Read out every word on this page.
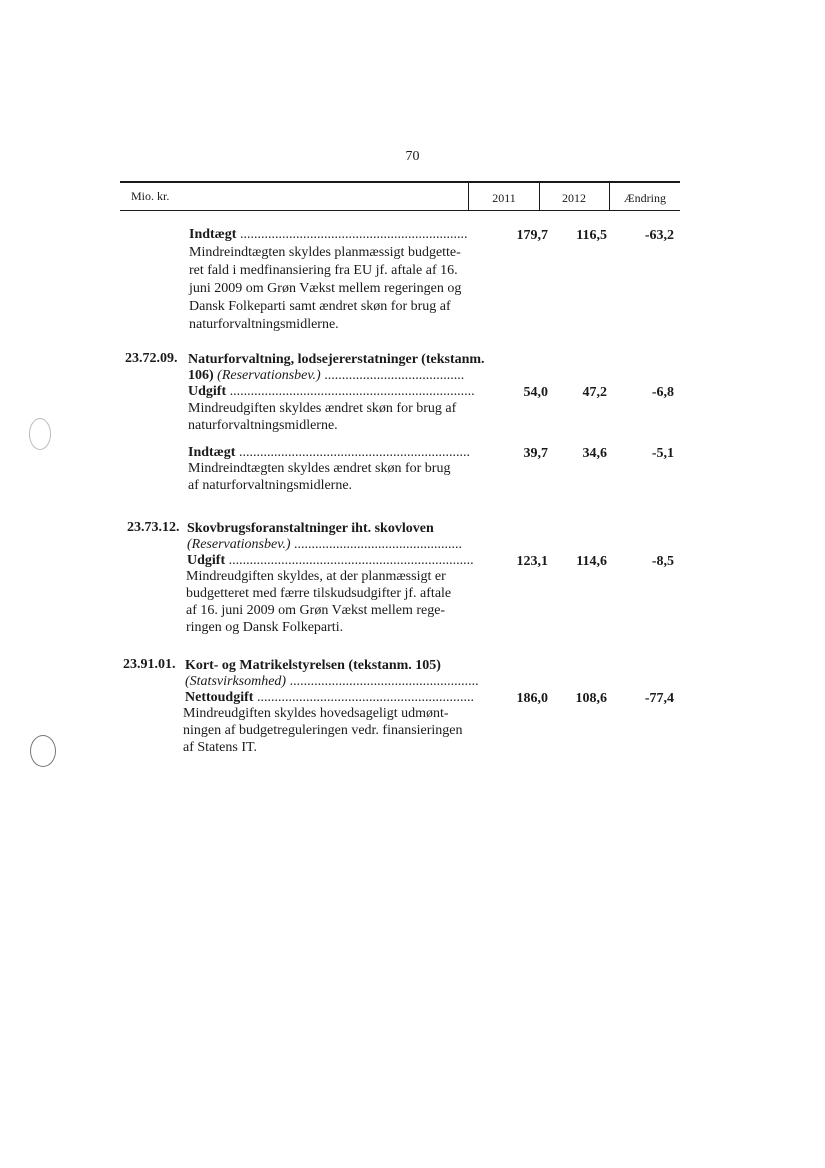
70
Mio. kr.	2011	2012	Ændring
Indtægt .................................................................	179,7	116,5	-63,2
Mindreindtægten skyldes planmæssigt budgette-
ret fald i medfinansiering fra EU jf. aftale af 16.
juni 2009 om Grøn Vækst mellem regeringen og
Dansk Folkeparti samt ændret skøn for brug af
naturforvaltningsmidlerne.
23.72.09. Naturforvaltning, lodsejererstatninger (tekstanm.
106) (Reservationsbev.) ........................................
Udgift ......................................................................	54,0	47,2	-6,8
Mindreudgiften skyldes ændret skøn for brug af
naturforvaltningsmidlerne.
Indtægt ..................................................................	39,7	34,6	-5,1
Mindreindtægten skyldes ændret skøn for brug
af naturforvaltningsmidlerne.
23.73.12. Skovbrugsforanstaltninger iht. skovloven
(Reservationsbev.) ................................................
Udgift ......................................................................	123,1	114,6	-8,5
Mindreudgiften skyldes, at der planmæssigt er
budgetteret med færre tilskudsudgifter jf. aftale
af 16. juni 2009 om Grøn Vækst mellem rege-
ringen og Dansk Folkeparti.
23.91.01. Kort- og Matrikelstyrelsen (tekstanm. 105)
(Statsvirksomhed) ......................................................
Nettoudgift ..............................................................	186,0	108,6	-77,4
Mindreudgiften skyldes hovedsageligt udmønt-
ningen af budgetreguleringen vedr. finansieringen
af Statens IT.
